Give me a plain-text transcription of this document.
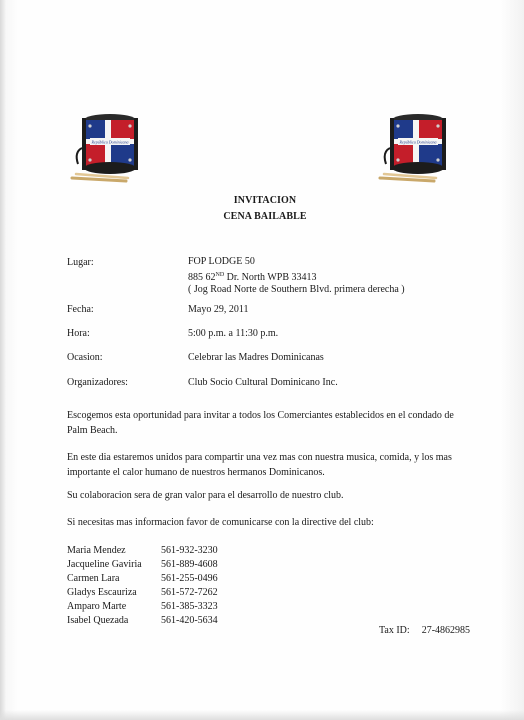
República Dominicana	República Dominicana
INVITACION
CENA BAILABLE
Lugar:	FOP LODGE 50
885 62ND Dr. North WPB 33413
( Jog Road Norte de Southern Blvd. primera derecha )
Fecha:	Mayo 29, 2011
Hora:	5:00 p.m. a 11:30 p.m.
Ocasion:	Celebrar las Madres Dominicanas
Organizadores:	Club Socio Cultural Dominicano Inc.
Escogemos esta oportunidad para invitar a todos los Comerciantes establecidos en el condado de Palm Beach.
En este dia estaremos unidos para compartir una vez mas con nuestra musica, comida, y los mas importante el calor humano de nuestros hermanos Dominicanos.
Su colaboracion sera de gran valor para el desarrollo de nuestro club.
Si necesitas mas informacion favor de comunicarse con la directive del club:
Maria Mendez	561-932-3230
Jacqueline Gaviria 561-889-4608
Carmen Lara	561-255-0496
Gladys Escauriza 561-572-7262
Amparo Marte	561-385-3323
Isabel Quezada	561-420-5634
Tax ID: 27-4862985
